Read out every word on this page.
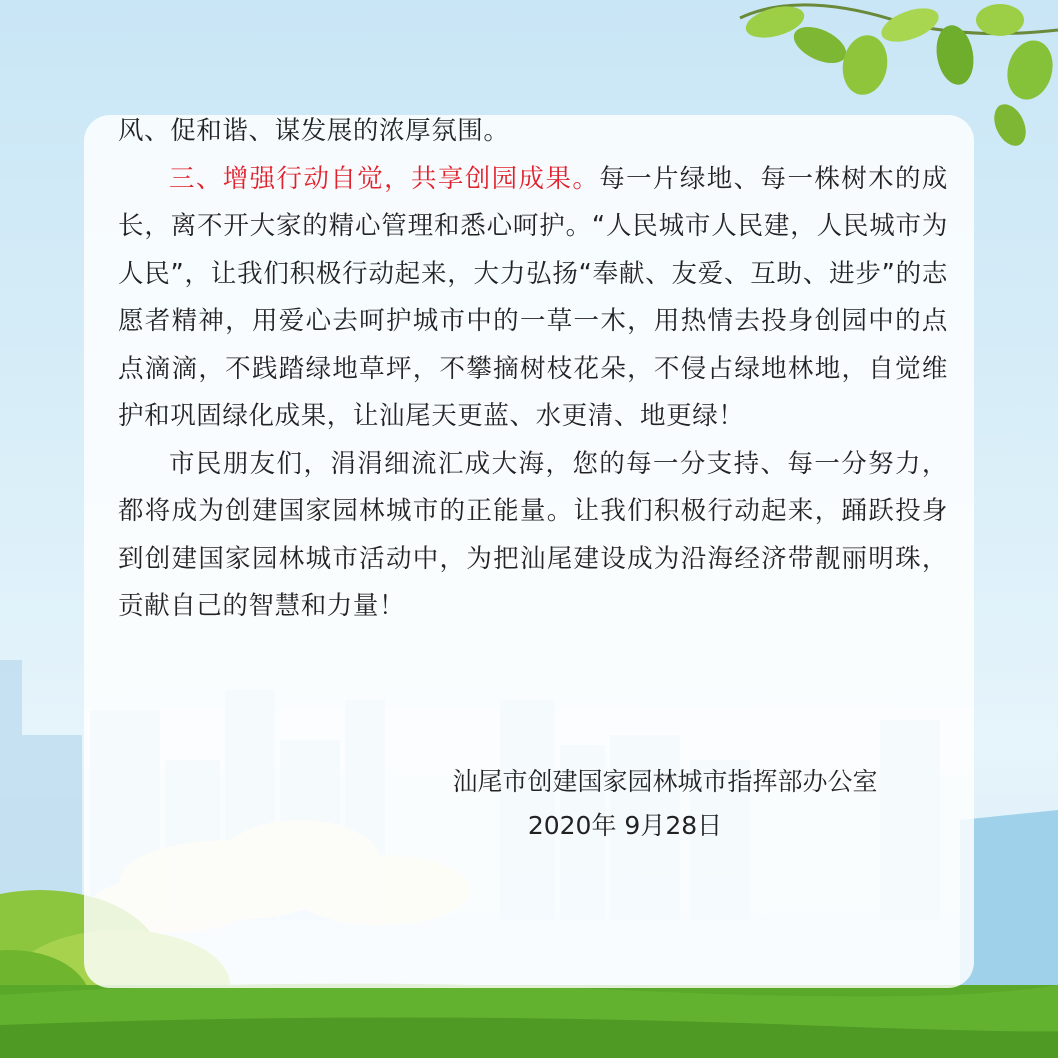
风、促和谐、谋发展的浓厚氛围。

三、增强行动自觉，共享创园成果。每一片绿地、每一株树木的成长，离不开大家的精心管理和悉心呵护。“人民城市人民建，人民城市为人民”，让我们积极行动起来，大力弘扬“奉献、友爱、互助、进步”的志愿者精神，用爱心去呵护城市中的一草一木，用热情去投身创园中的点点滴滴，不践踏绿地草坪，不攀摘树枝花朵，不侵占绿地林地，自觉维护和巩固绿化成果，让汕尾天更蓝、水更清、地更绿！

市民朋友们，涓涓细流汇成大海，您的每一分支持、每一分努力，都将成为创建国家园林城市的正能量。让我们积极行动起来，踊跃投身到创建国家园林城市活动中，为把汕尾建设成为沿海经济带靓丽明珠，贡献自己的智慧和力量！

汕尾市创建国家园林城市指挥部办公室
2020年 9月28日
